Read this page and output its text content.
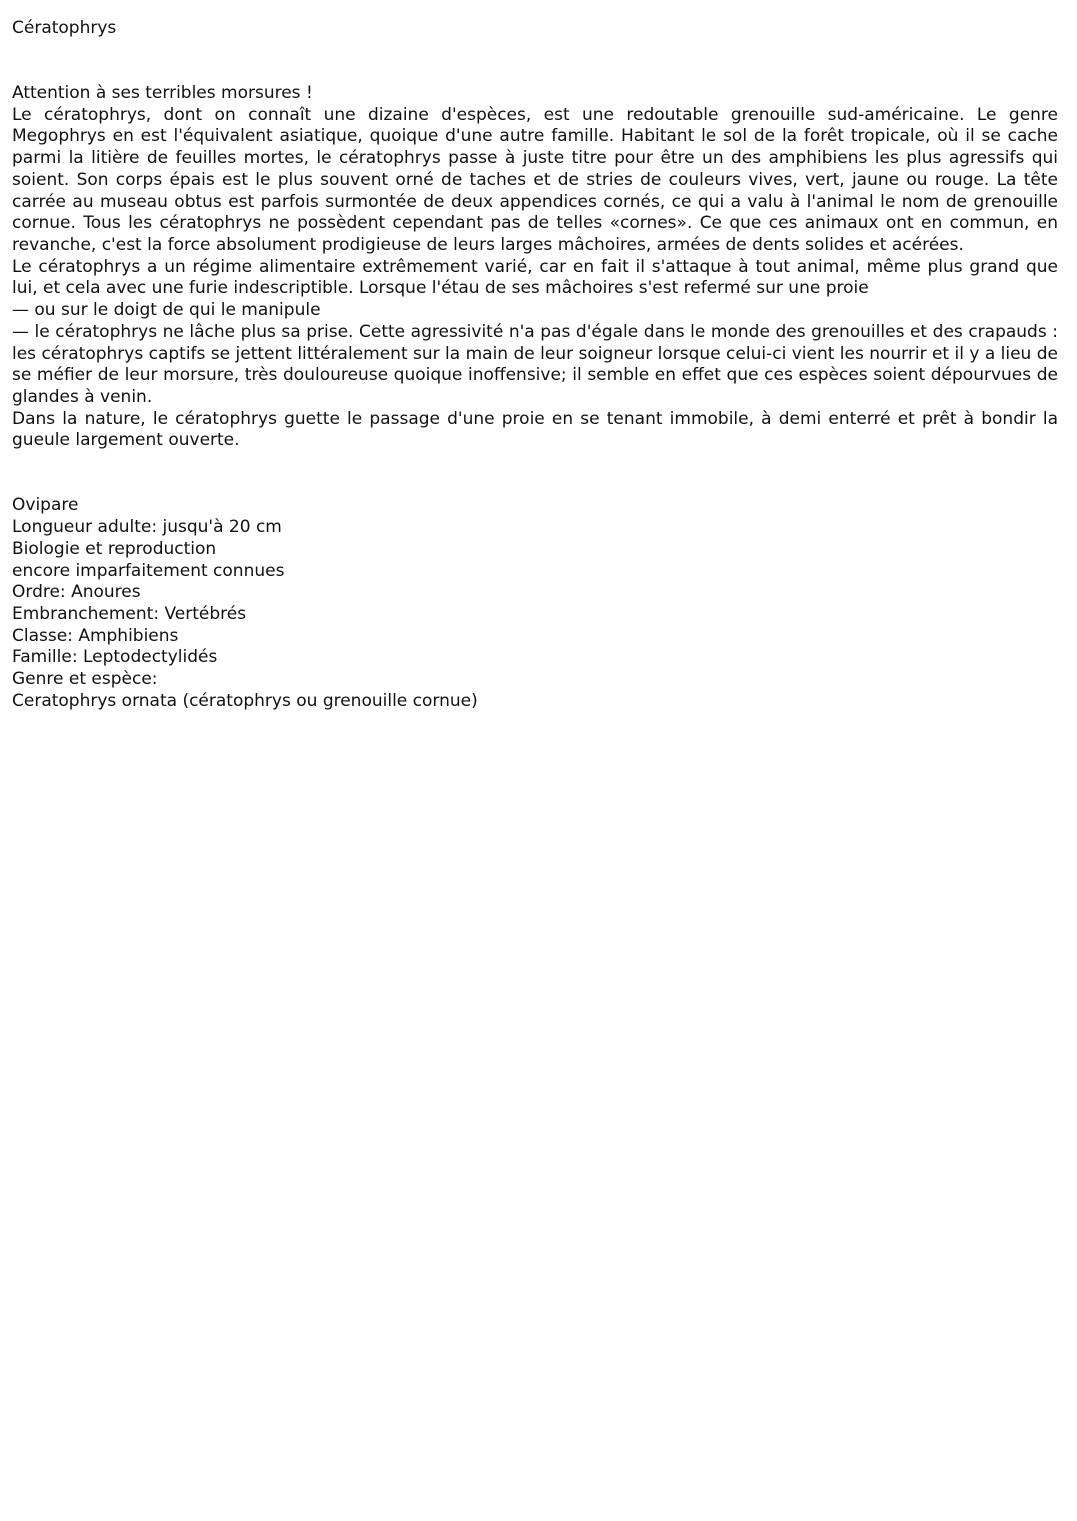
Cératophrys

Attention à ses terribles morsures !

Le cératophrys, dont on connaît une dizaine d'espèces, est une redoutable grenouille sud-américaine. Le genre Megophrys en est l'équivalent asiatique, quoique d'une autre famille. Habitant le sol de la forêt tropicale, où il se cache parmi la litière de feuilles mortes, le cératophrys passe à juste titre pour être un des amphibiens les plus agressifs qui soient. Son corps épais est le plus souvent orné de taches et de stries de couleurs vives, vert, jaune ou rouge. La tête carrée au museau obtus est parfois surmontée de deux appendices cornés, ce qui a valu à l'animal le nom de grenouille cornue. Tous les cératophrys ne possèdent cependant pas de telles «cornes». Ce que ces animaux ont en commun, en revanche, c'est la force absolument prodigieuse de leurs larges mâchoires, armées de dents solides et acérées.

Le cératophrys a un régime alimentaire extrêmement varié, car en fait il s'attaque à tout animal, même plus grand que lui, et cela avec une furie indescriptible. Lorsque l'étau de ses mâchoires s'est refermé sur une proie

— ou sur le doigt de qui le manipule

— le cératophrys ne lâche plus sa prise. Cette agressivité n'a pas d'égale dans le monde des grenouilles et des crapauds : les cératophrys captifs se jettent littéralement sur la main de leur soigneur lorsque celui-ci vient les nourrir et il y a lieu de se méfier de leur morsure, très douloureuse quoique inoffensive; il semble en effet que ces espèces soient dépourvues de glandes à venin.

Dans la nature, le cératophrys guette le passage d'une proie en se tenant immobile, à demi enterré et prêt à bondir la gueule largement ouverte.

Ovipare
Longueur adulte: jusqu'à 20 cm
Biologie et reproduction
encore imparfaitement connues
Ordre: Anoures
Embranchement: Vertébrés
Classe: Amphibiens
Famille: Leptodectylidés
Genre et espèce:
Ceratophrys ornata (cératophrys ou grenouille cornue)
